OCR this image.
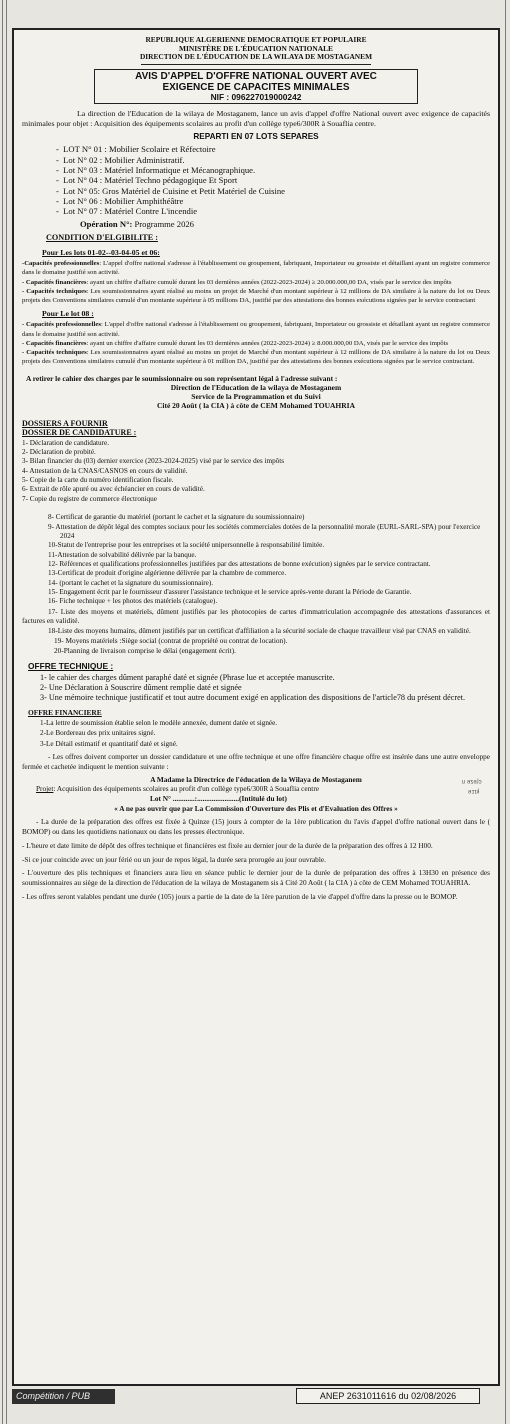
REPUBLIQUE ALGERIENNE DEMOCRATIQUE ET POPULAIRE
MINISTÈRE DE L'ÉDUCATION NATIONALE
DIRECTION DE L'ÉDUCATION DE LA WILAYA DE MOSTAGANEM
AVIS D'APPEL D'OFFRE NATIONAL OUVERT AVEC
EXIGENCE DE CAPACITES MINIMALES
NIF : 096227019000242

La direction de l'Education de la wilaya de Mostaganem, lance un avis d'appel d'offre National ouvert avec exigence de capacités minimales pour objet : Acquisition des équipements scolaires au profit d'un collège type6/300R à Souaflia centre.

REPARTI EN 07 LOTS SEPARES
-  LOT N° 01 : Mobilier Scolaire et Réfectoire
-  Lot N° 02 : Mobilier Administratif.
-  Lot N° 03 : Matériel Informatique et Mécanographique.
-  Lot N° 04 : Matériel Techno pédagogique Et Sport
-  Lot N° 05: Gros Matériel de Cuisine et Petit Matériel de Cuisine
-  Lot N° 06 : Mobilier Amphithéâtre
-  Lot N° 07 : Matériel Contre L'incendie
Opération N°: Programme 2026
CONDITION D'ELGIBILITE :
Pour Les lots 01-02--03-04-05 et 06:

-Capacités professionnelles: L'appel d'offre national s'adresse à l'établissement ou groupement, fabriquant, Importateur ou grossiste et détaillant ayant un registre commerce dans le domaine justifié son activité.

- Capacités financières: ayant un chiffre d'affaire cumulé durant les 03 dernières années (2022-2023-2024) ≥ 20.000.000,00 DA, visés par le service des impôts

- Capacités techniques: Les soumissionnaires ayant réalisé au moins un projet de Marché d'un montant supérieur à 12 millions de DA similaire à la nature du lot ou Deux projets des Conventions similaires cumulé d'un montante supérieur à 05 millions DA, justifié par des attestations des bonnes exécutions signées par le service contractant

Pour Le lot 08 :

- Capacités professionnelles: L'appel d'offre national s'adresse à l'établissement ou groupement, fabriquant, Importateur ou grossiste et détaillant ayant un registre commerce dans le domaine justifié son activité.

- Capacités financières: ayant un chiffre d'affaire cumulé durant les 03 dernières années (2022-2023-2024) ≥ 8.000.000,00 DA, visés par le service des impôts

- Capacités techniques: Les soumissionnaires ayant réalisé au moins un projet de Marché d'un montant supérieur à 12 millions de DA similaire à la nature du lot ou Deux projets des Conventions similaires cumulé d'un montante supérieur à 01 million DA, justifié par des attestations des bonnes exécutions signées par le service contractant.

A retirer le cahier des charges par le soumissionnaire ou son représentant légal à l'adresse suivant :

Direction de l'Education de la wilaya de Mostaganem
Service de la Programmation et du Suivi
Cité 20 Août ( la CIA ) à côte de CEM Mohamed TOUAHRIA
DOSSIERS A FOURNIR
DOSSIER DE CANDIDATURE :
1- Déclaration de candidature.
2- Déclaration de probité.
3- Bilan financier du (03) dernier exercice (2023-2024-2025) visé par le service des impôts
4- Attestation de la CNAS/CASNOS en cours de validité.
5- Copie de la carte du numéro identification fiscale.
6- Extrait de rôle apuré ou avec échéancier en cours de validité.
7- Copie du registre de commerce électronique
8- Certificat de garantie du matériel (portant le cachet et la signature du soumissionnaire)
9- Attestation de dépôt légal des comptes sociaux pour les sociétés commerciales dotées de la personnalité morale (EURL-SARL-SPA) pour l'exercice 2024
10-Statut de l'entreprise pour les entreprises et la société unipersonnelle à responsabilité limitée.
11-Attestation de solvabilité délivrée par la banque.
12- Références et qualifications professionnelles justifiées par des attestations de bonne exécution) signées par le service contractant.
13-Certificat de produit d'origine algérienne délivrée par la chambre de commerce.
14- (portant le cachet et la signature du soumissionnaire).
15- Engagement écrit par le fournisseur d'assurer l'assistance technique et le service après-vente durant la Période de Garantie.
16- Fiche technique + les photos des matériels (catalogue).

17- Liste des moyens et matériels, dûment justifiés par les photocopies de cartes d'immatriculation accompagnée des attestations d'assurances et factures en validité.

18-Liste des moyens humains, dûment justifiés par un certificat d'affiliation a la sécurité sociale de chaque travailleur visé par CNAS en validité.

19- Moyens matériels :Siège social (contrat de propriété ou contrat de location).

20-Planning de livraison comprise le délai (engagement écrit).

OFFRE TECHNIQUE :
1- le cahier des charges dûment paraphé daté et signée (Phrase lue et acceptée manuscrite.
2- Une Déclaration à Souscrire dûment remplie daté et signée
3- Une mémoire technique justificatif et tout autre document exigé en application des dispositions de l'article78 du présent décret.
OFFRE FINANCIERE
1-La lettre de soumission établie selon le modèle annexée, dument datée et signée.
2-Le Bordereau des prix unitaires signé.
3-Le Détail estimatif et quantitatif daté et signé.

- Les offres doivent comporter un dossier candidature et une offre technique et une offre financière chaque offre est insérée dans une autre enveloppe fermée et cachetée indiquent le mention suivante :

A Madame la Directrice de l'éducation de la Wilaya de Mostaganem

Projet: Acquisition des équipements scolaires au profit d'un collège type6/300R à Souaflia centre

Lot N° ............:.......................(Intitulé du lot)

« A ne pas ouvrir que par La Commission d'Ouverture des Plis et d'Evaluation des Offres »

- La durée de la préparation des offres est fixée à Quinze (15) jours à compter de la 1ère publication du l'avis d'appel d'offre national ouvert dans le ( BOMOP) ou dans les quotidiens nationaux ou dans les presses électronique.

- L'heure et date limite de dépôt des offres technique et financières est fixée au dernier jour de la durée de la préparation des offres à 12 H00.

-Si ce jour coincide avec un jour férié ou un jour de repos légal, la durée sera prorogée au jour ouvrable.

- L'ouverture des plis techniques et financiers aura lieu en séance public le dernier jour de la durée de préparation des offres à 13H30 en présence des soumissionnaires au siège de la direction de l'éducation de la wilaya de Mostaganem sis à Cité 20 Août ( la CIA ) à côte de CEM Mohamed TOUAHRIA.

- Les offres seront valables pendant une durée (105) jours a partie de la date de la 1ère parution de la vie d'appel d'offre dans la presse ou le BOMOP.

ri ɘzɘɿɔ
ɘ1ʇʞ
Compétition / PUB	ANEP 2631011616 du 02/08/2026
